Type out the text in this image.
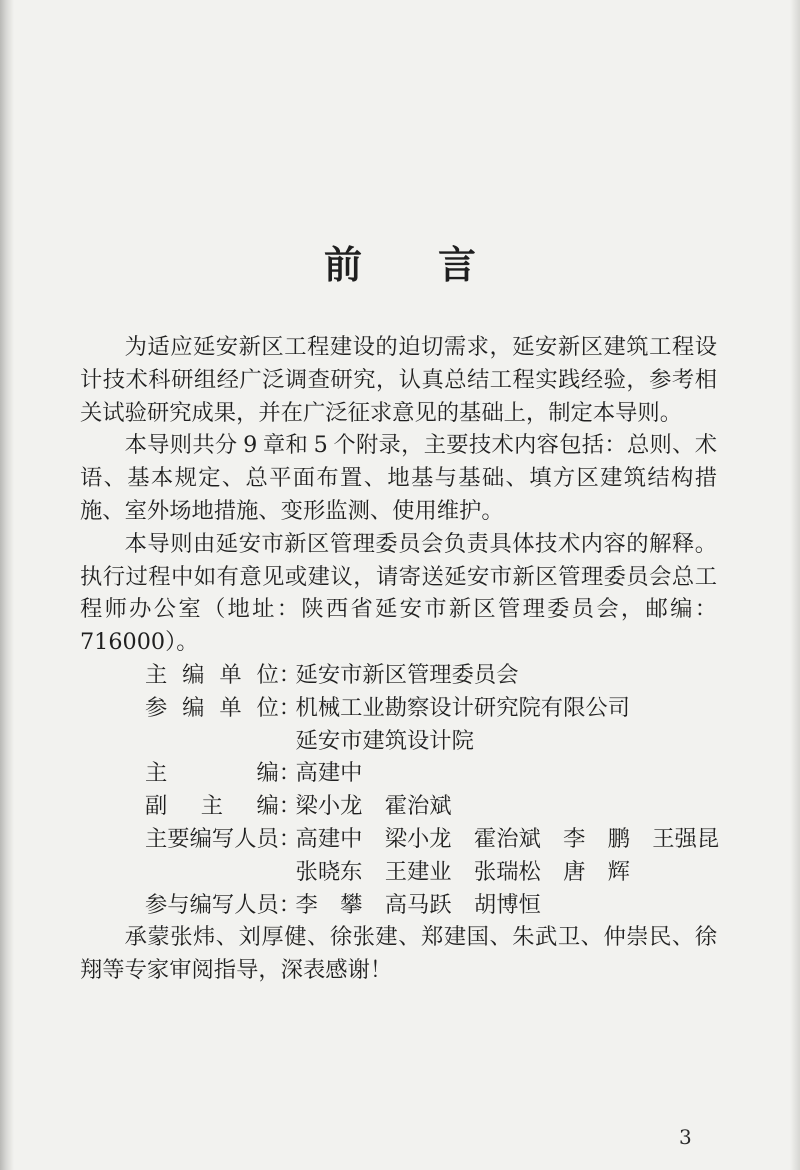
前言

为适应延安新区工程建设的迫切需求，延安新区建筑工程设计技术科研组经广泛调查研究，认真总结工程实践经验，参考相关试验研究成果，并在广泛征求意见的基础上，制定本导则。

本导则共分 9 章和 5 个附录，主要技术内容包括：总则、术语、基本规定、总平面布置、地基与基础、填方区建筑结构措施、室外场地措施、变形监测、使用维护。

本导则由延安市新区管理委员会负责具体技术内容的解释。执行过程中如有意见或建议，请寄送延安市新区管理委员会总工程师办公室（地址：陕西省延安市新区管理委员会，邮编：716000）。

主编单位 ：
延安市新区管理委员会
参编单位 ：
机械工业勘察设计研究院有限公司
延安市建筑设计院
主编 ：
高建中
副主编 ：
梁小龙　霍治斌
主要编写人员 ：
高建中　梁小龙　霍治斌　李　鹏　王强昆
张晓东　王建业　张瑞松　唐　辉
参与编写人员 ：
李　攀　高马跃　胡博恒

承蒙张炜、刘厚健、徐张建、郑建国、朱武卫、仲崇民、徐翔等专家审阅指导，深表感谢！

3
